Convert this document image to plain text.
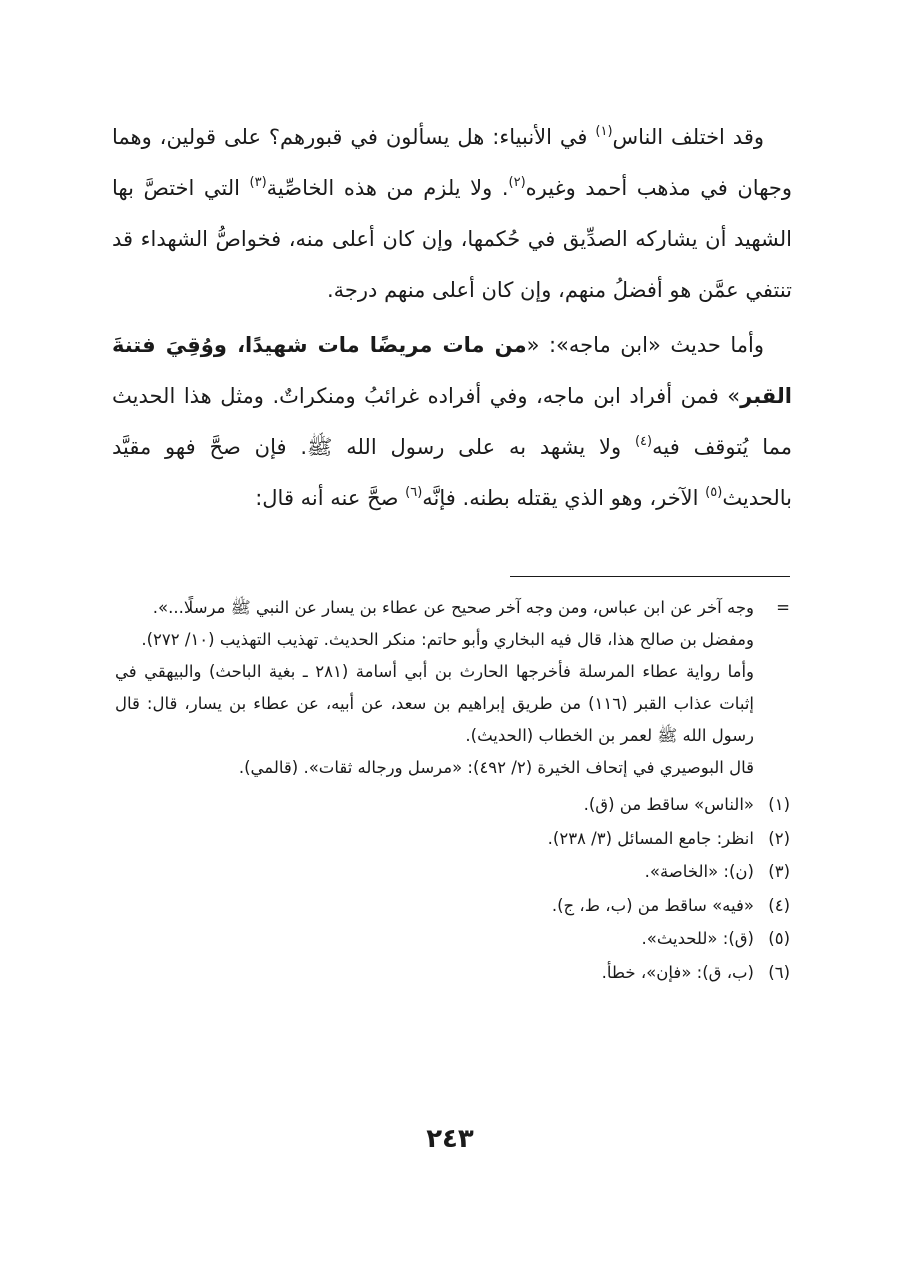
وقد اختلف الناس$^{(١)}$ في الأنبياء: هل يسألون في قبورهم؟ على قولين، وهما وجهان في مذهب أحمد وغيره$^{(٢)}$. ولا يلزم من هذه الخاصِّية$^{(٣)}$ التي اختصَّ بها الشهيد أن يشاركه الصدِّيق في حُكمها، وإن كان أعلى منه، فخواصُّ الشهداء قد تنتفي عمَّن هو أفضلُ منهم، وإن كان أعلى منهم درجة.

وأما حديث «ابن ماجه»: «من مات مريضًا مات شهيدًا، ووُقِيَ فتنةَ القبر» فمن أفراد ابن ماجه، وفي أفراده غرائبُ ومنكراتٌ. ومثل هذا الحديث مما يُتوقف فيه$^{(٤)}$ ولا يشهد به على رسول الله ﷺ. فإن صحَّ فهو مقيَّد بالحديث$^{(٥)}$ الآخر، وهو الذي يقتله بطنه. فإنَّه$^{(٦)}$ صحَّ عنه أنه قال:

=
وجه آخر عن ابن عباس، ومن وجه آخر صحيح عن عطاء بن يسار عن النبي ﷺ مرسلًا...».

ومفضل بن صالح هذا، قال فيه البخاري وأبو حاتم: منكر الحديث. تهذيب التهذيب (١٠/ ٢٧٢).

وأما رواية عطاء المرسلة فأخرجها الحارث بن أبي أسامة (٢٨١ ـ بغية الباحث) والبيهقي في إثبات عذاب القبر (١١٦) من طريق إبراهيم بن سعد، عن أبيه، عن عطاء بن يسار، قال: قال رسول الله ﷺ لعمر بن الخطاب (الحديث).

قال البوصيري في إتحاف الخيرة (٢/ ٤٩٢): «مرسل ورجاله ثقات». (قالمي).

(١)
«الناس» ساقط من (ق).

(٢)
انظر: جامع المسائل (٣/ ٢٣٨).

(٣)
(ن): «الخاصة».

(٤)
«فيه» ساقط من (ب، ط، ج).

(٥)
(ق): «للحديث».

(٦)
(ب، ق): «فإن»، خطأ.

٢٤٣
